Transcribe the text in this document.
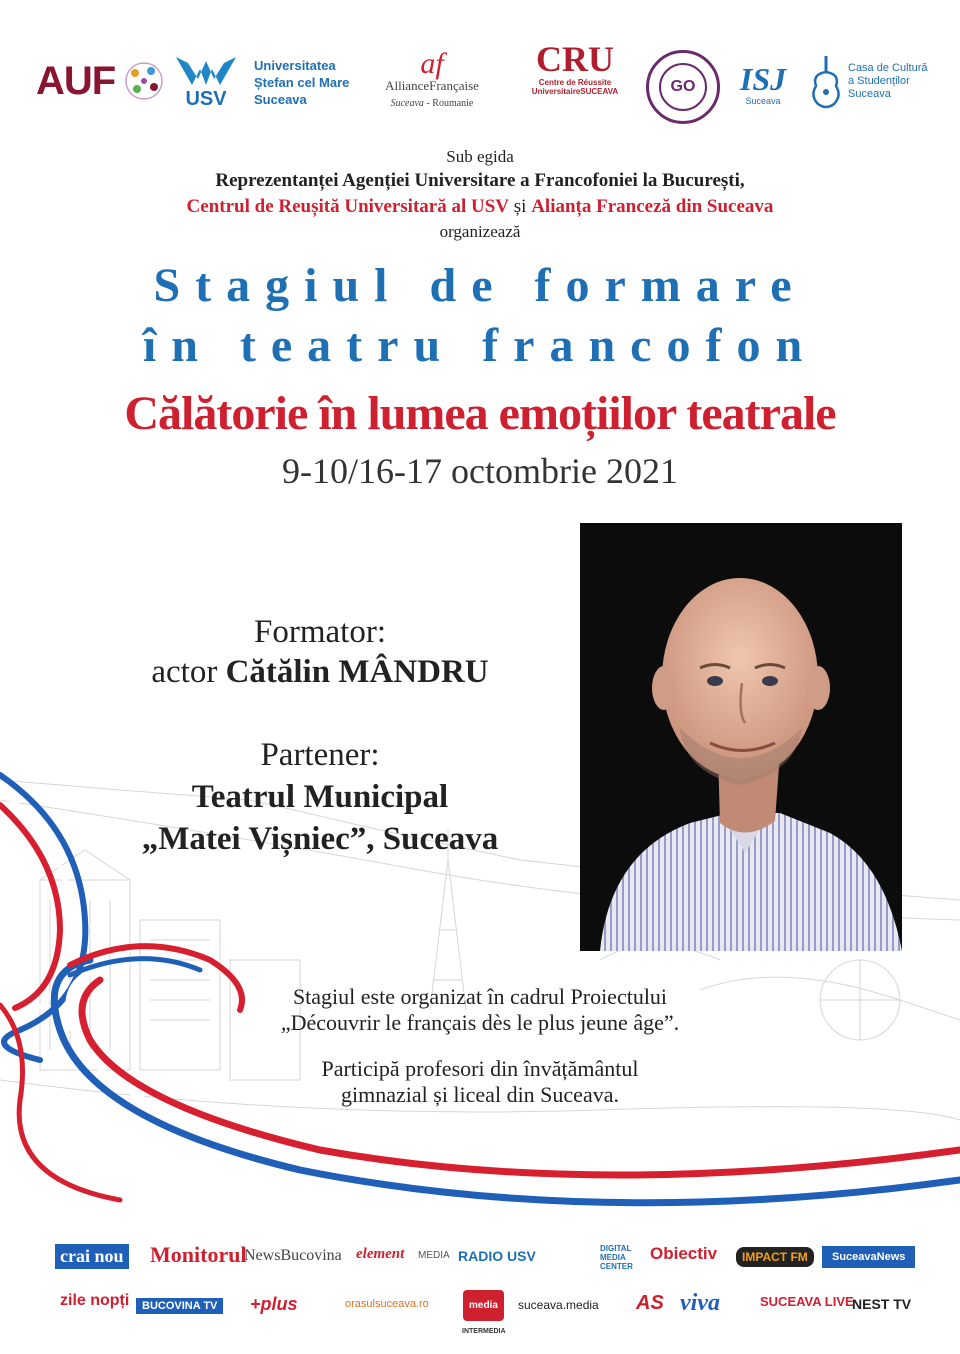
AUF	USV
Universitatea
Ștefan cel Mare
Suceava
af
AllianceFrançaise
Suceava - Roumanie
CRU
Centre de Réussite
UniversitaireSUCEAVA	GO ISJ
Suceava
Casa de Cultură
a Studenților
Suceava
Sub egida
Reprezentanței Agenției Universitare a Francofoniei la București,
Centrul de Reușită Universitară al USV și Alianța Franceză din Suceava
organizează
Stagiul de formare
în teatru francofon
Călătorie în lumea emoțiilor teatrale
9-10/16-17 octombrie 2021
Formator:
actor Cătălin MÂNDRU
Partener:
Teatrul Municipal
„Matei Vișniec”, Suceava
Stagiul este organizat în cadrul Proiectului
„Découvrir le français dès le plus jeune âge”.
Participă profesori din învățământul
gimnazial și liceal din Suceava.
crai nou Monitorul
NewsBucovina element MEDIA RADIO USV	DIGITAL MEDIA CENTER
Obiectiv	IMPACT FM	SuceavaNews
zile nopți	BUCOVINA TV	+plus	orasulsuceava.ro	media
INTERMEDIA
suceava.media AS viva	SUCEAVA LIVE
NEST TV
